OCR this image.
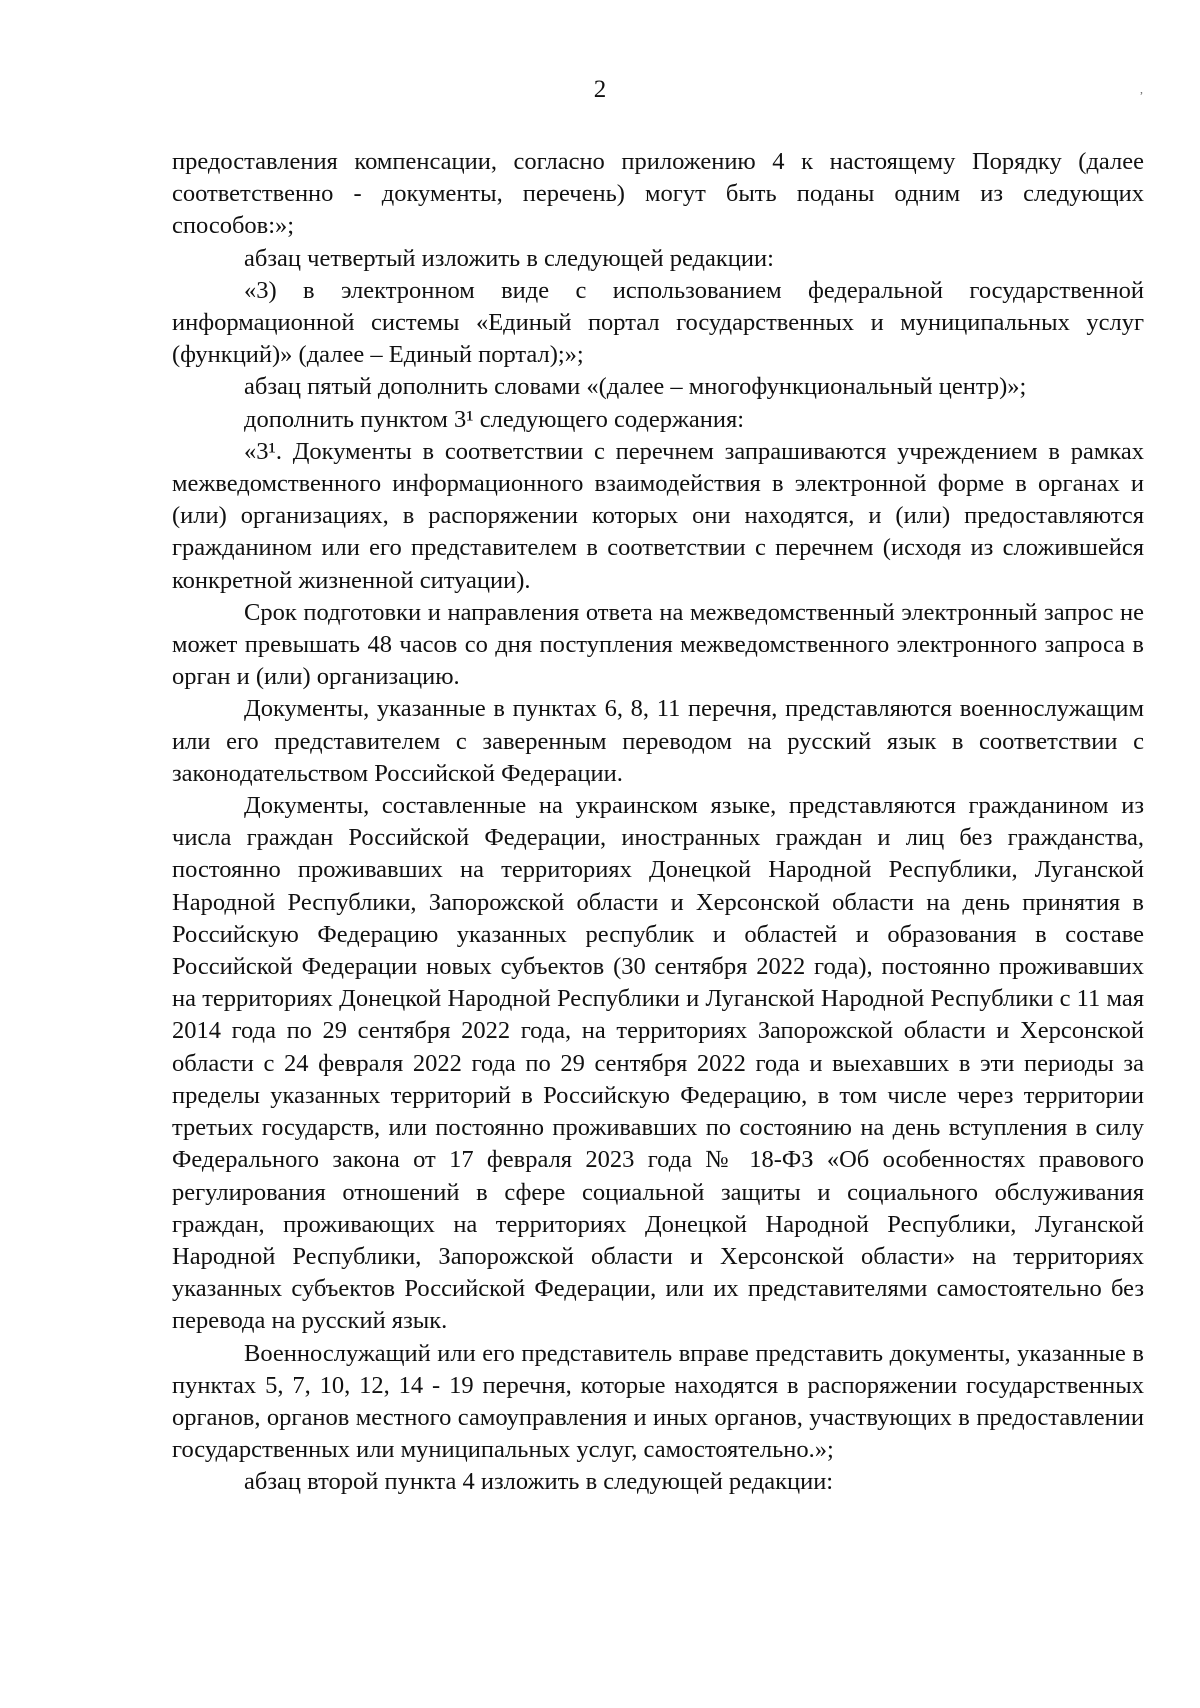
2	,

предоставления компенсации, согласно приложению 4 к настоящему Порядку (далее соответственно - документы, перечень) могут быть поданы одним из следующих способов:»;

абзац четвертый изложить в следующей редакции:

«3) в электронном виде с использованием федеральной государственной информационной системы «Единый портал государственных и муниципальных услуг (функций)» (далее – Единый портал);»;

абзац пятый дополнить словами «(далее – многофункциональный центр)»;

дополнить пунктом 3¹ следующего содержания:

«3¹. Документы в соответствии с перечнем запрашиваются учреждением в рамках межведомственного информационного взаимодействия в электронной форме в органах и (или) организациях, в распоряжении которых они находятся, и (или) предоставляются гражданином или его представителем в соответствии с перечнем (исходя из сложившейся конкретной жизненной ситуации).

Срок подготовки и направления ответа на межведомственный электронный запрос не может превышать 48 часов со дня поступления межведомственного электронного запроса в орган и (или) организацию.

Документы, указанные в пунктах 6, 8, 11 перечня, представляются военнослужащим или его представителем с заверенным переводом на русский язык в соответствии с законодательством Российской Федерации.

Документы, составленные на украинском языке, представляются гражданином из числа граждан Российской Федерации, иностранных граждан и лиц без гражданства, постоянно проживавших на территориях Донецкой Народной Республики, Луганской Народной Республики, Запорожской области и Херсонской области на день принятия в Российскую Федерацию указанных республик и областей и образования в составе Российской Федерации новых субъектов (30 сентября 2022 года), постоянно проживавших на территориях Донецкой Народной Республики и Луганской Народной Республики с 11 мая 2014 года по 29 сентября 2022 года, на территориях Запорожской области и Херсонской области с 24 февраля 2022 года по 29 сентября 2022 года и выехавших в эти периоды за пределы указанных территорий в Российскую Федерацию, в том числе через территории третьих государств, или постоянно проживавших по состоянию на день вступления в силу Федерального закона от 17 февраля 2023 года № 18-ФЗ «Об особенностях правового регулирования отношений в сфере социальной защиты и социального обслуживания граждан, проживающих на территориях Донецкой Народной Республики, Луганской Народной Республики, Запорожской области и Херсонской области» на территориях указанных субъектов Российской Федерации, или их представителями самостоятельно без перевода на русский язык.

Военнослужащий или его представитель вправе представить документы, указанные в пунктах 5, 7, 10, 12, 14 - 19 перечня, которые находятся в распоряжении государственных органов, органов местного самоуправления и иных органов, участвующих в предоставлении государственных или муниципальных услуг, самостоятельно.»;

абзац второй пункта 4 изложить в следующей редакции:
